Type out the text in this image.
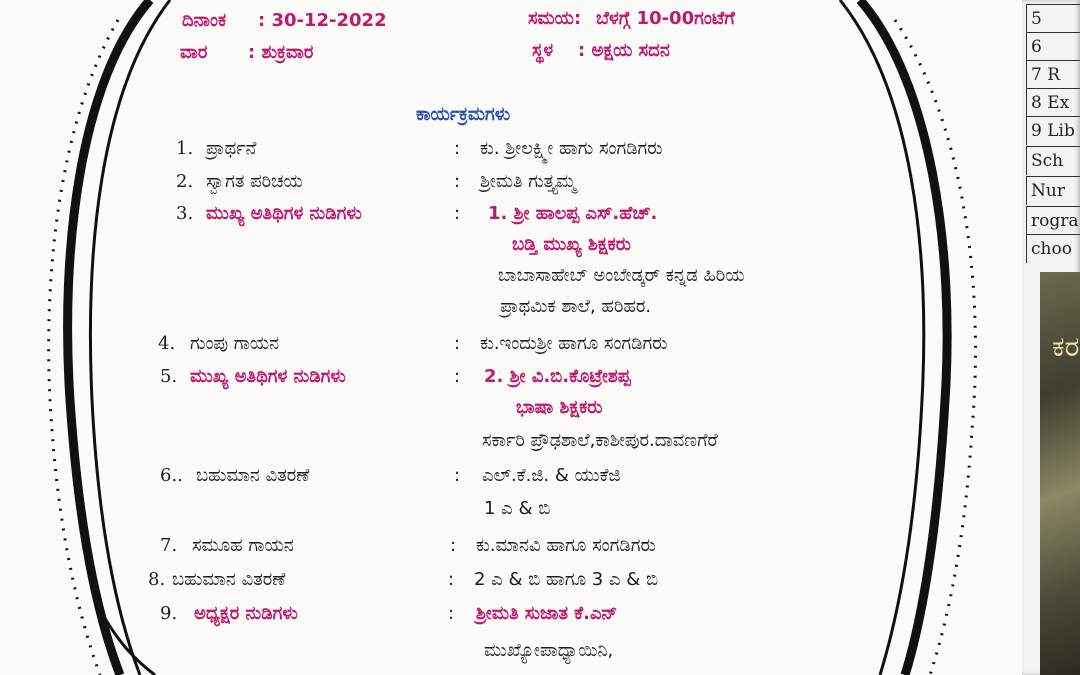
5
6
7 R
8 Ex
9 Lib
Sch
Nur
rogra
choo
ಕರ
ದಿನಾಂಕ : 30-12-2022
ವಾರ : ಶುಕ್ರವಾರ
ಸಮಯ: ಬೆಳಗ್ಗೆ 10-00ಗಂಟೆಗೆ
ಸ್ಥಳ : ಅಕ್ಷಯ ಸದನ
ಕಾರ್ಯಕ್ರಮಗಳು
1. ಪ್ರಾರ್ಥನೆ	: ಕು. ಶ್ರೀಲಕ್ಷ್ಮೀ ಹಾಗು ಸಂಗಡಿಗರು
2. ಸ್ವಾಗತ ಪರಿಚಯ	: ಶ್ರೀಮತಿ ಗುತ್ತ್ಯಮ್ಮ
3. ಮುಖ್ಯ ಅತಿಥಿಗಳ ನುಡಿಗಳು	: 1. ಶ್ರೀ ಹಾಲಪ್ಪ ಎಸ್.ಹೆಚ್.
ಬಡ್ತಿ ಮುಖ್ಯ ಶಿಕ್ಷಕರು
ಬಾಬಾಸಾಹೇಬ್ ಅಂಬೇಡ್ಕರ್ ಕನ್ನಡ ಹಿರಿಯ
ಪ್ರಾಥಮಿಕ ಶಾಲೆ, ಹರಿಹರ.
4. ಗುಂಪು ಗಾಯನ	: ಕು.ಇಂದುಶ್ರೀ ಹಾಗೂ ಸಂಗಡಿಗರು
5. ಮುಖ್ಯ ಅತಿಥಿಗಳ ನುಡಿಗಳು	: 2. ಶ್ರೀ ವಿ.ಬಿ.ಕೊಟ್ರೇಶಪ್ಪ
ಭಾಷಾ ಶಿಕ್ಷಕರು
ಸರ್ಕಾರಿ ಪ್ರೌಢಶಾಲೆ,ಕಾಶೀಪುರ.ದಾವಣಗೆರೆ
6.. ಬಹುಮಾನ ವಿತರಣೆ	: ಎಲ್.ಕೆ.ಜಿ. & ಯುಕೆಜಿ
1 ಎ & ಬಿ
7. ಸಮೂಹ ಗಾಯನ	: ಕು.ಮಾನವಿ ಹಾಗೂ ಸಂಗಡಿಗರು
8. ಬಹುಮಾನ ವಿತರಣೆ	: 2 ಎ & ಬಿ ಹಾಗೂ 3 ಎ & ಬಿ
9. ಅಧ್ಯಕ್ಷರ ನುಡಿಗಳು	: ಶ್ರೀಮತಿ ಸುಜಾತ ಕೆ.ಎನ್
ಮುಖ್ಯೋಪಾಧ್ಯಾಯಿನಿ,
